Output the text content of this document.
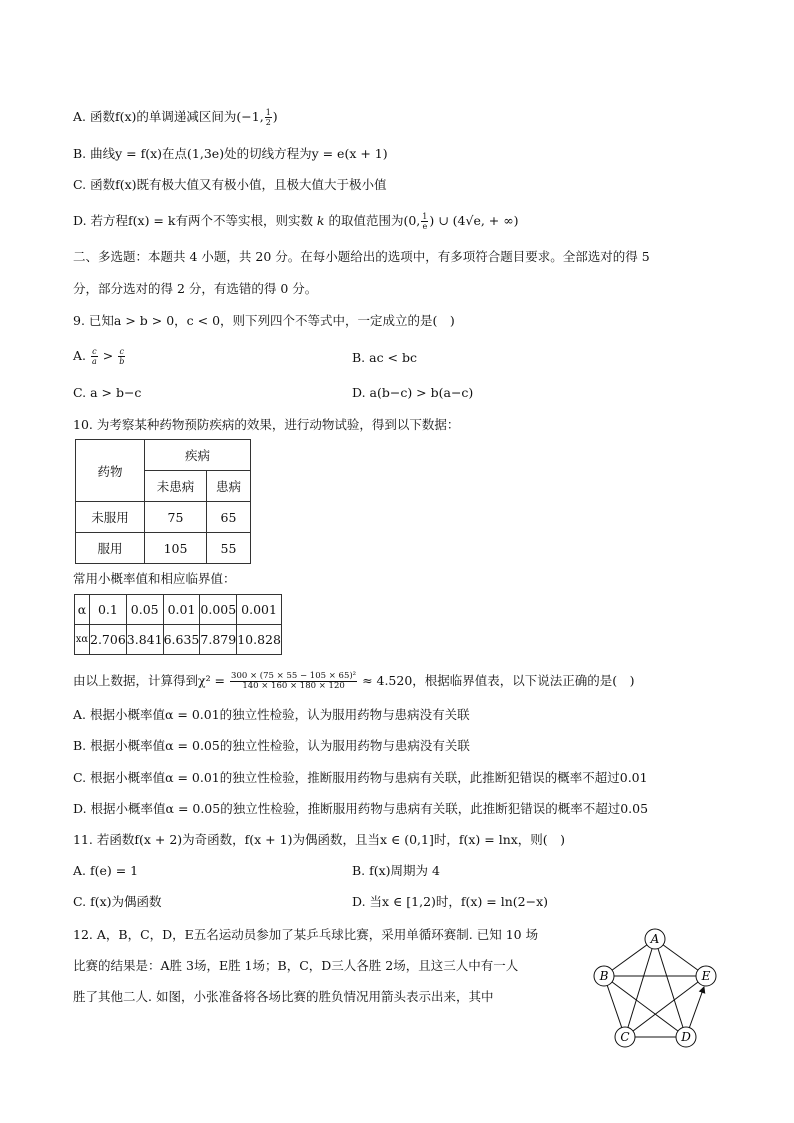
A. 函数f(x)的单调递减区间为(−1, $\frac{1}{2}$ )
B. 曲线y = f(x)在点(1,3e)处的切线方程为y = e(x + 1)
C. 函数f(x)既有极大值又有极小值，且极大值大于极小值
D. 若方程f(x) = k有两个不等实根，则实数 k 的取值范围为(0, $\frac{1}{e}$ ) ∪ (4√e, + ∞)
二、多选题：本题共 4 小题，共 20 分。在每小题给出的选项中，有多项符合题目要求。全部选对的得 5
分，部分选对的得 2 分，有选错的得 0 分。
9. 已知a > b > 0，c < 0，则下列四个不等式中，一定成立的是(　)
A. $\frac{c}{a} > \frac{c}{b}$	B. ac < bc
C. a > b−c	D. a(b−c) > b(a−c)
10. 为考察某种药物预防疾病的效果，进行动物试验，得到以下数据：
药物	疾病	
	未患病	患病
未服用	75	65
服用	105	55
常用小概率值和相应临界值：
α	0.1	0.05	0.01	0.005	0.001
xα	2.706	3.841	6.635	7.879	10.828
由以上数据，计算得到$\chi^2 = \frac{\text{300 × (75 × 55 − 105 × 65)²}}{140 \times 160 \times 180 \times 120} \approx 4.520$，根据临界值表，以下说法正确的是(　)
A. 根据小概率值α = 0.01的独立性检验，认为服用药物与患病没有关联
B. 根据小概率值α = 0.05的独立性检验，认为服用药物与患病没有关联
C. 根据小概率值α = 0.01的独立性检验，推断服用药物与患病有关联，此推断犯错误的概率不超过0.01
D. 根据小概率值α = 0.05的独立性检验，推断服用药物与患病有关联，此推断犯错误的概率不超过0.05
11. 若函数f(x + 2)为奇函数，f(x + 1)为偶函数，且当x ∈ (0,1]时，f(x) = lnx，则(　)
A. f(e) = 1	B. f(x)周期为 4
C. f(x)为偶函数	D. 当x ∈ [1,2)时，f(x) = ln(2−x)
12. A，B，C，D，E五名运动员参加了某乒乓球比赛，采用单循环赛制. 已知 10 场
比赛的结果是：A胜 3场，E胜 1场；B，C，D三人各胜 2场，且这三人中有一人
胜了其他二人. 如图，小张准备将各场比赛的胜负情况用箭头表示出来，其中
A
B
C	D
E
